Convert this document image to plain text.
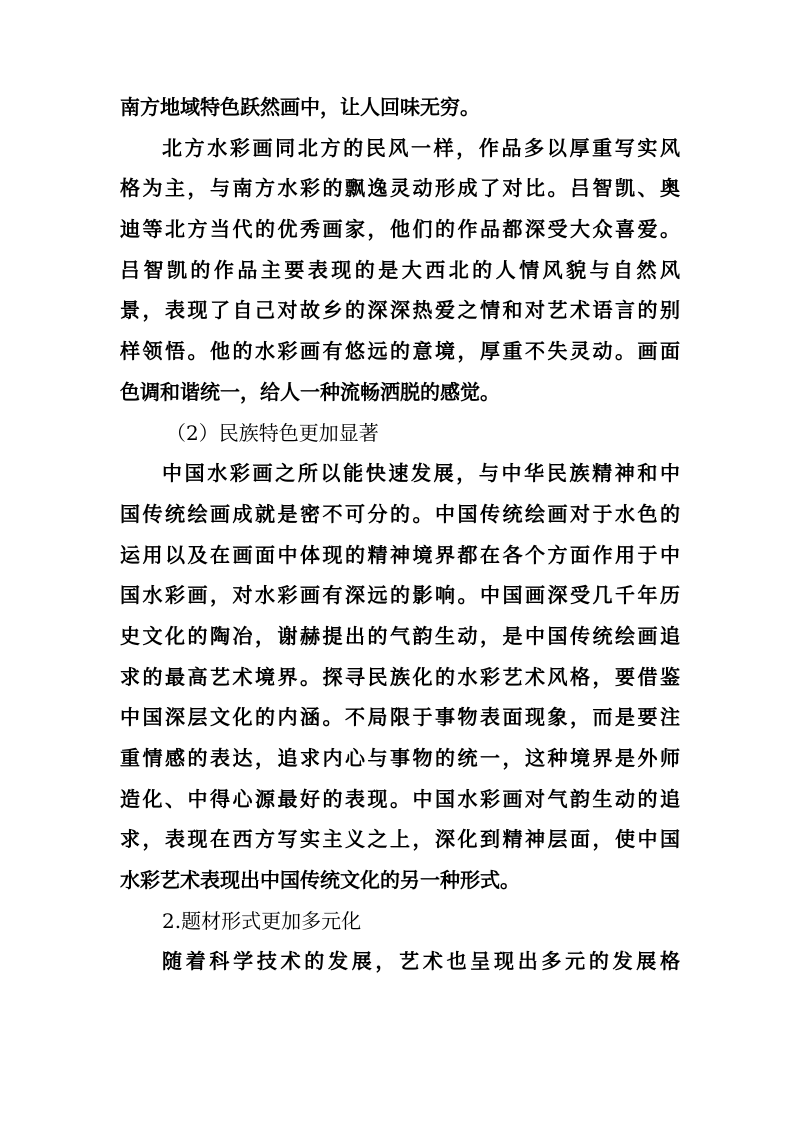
南方地域特色跃然画中，让人回味无穷。
北方水彩画同北方的民风一样，作品多以厚重写实风
格为主，与南方水彩的飘逸灵动形成了对比。吕智凯、奥
迪等北方当代的优秀画家，他们的作品都深受大众喜爱。
吕智凯的作品主要表现的是大西北的人情风貌与自然风
景，表现了自己对故乡的深深热爱之情和对艺术语言的别
样领悟。他的水彩画有悠远的意境，厚重不失灵动。画面
色调和谐统一，给人一种流畅洒脱的感觉。
（2）民族特色更加显著
中国水彩画之所以能快速发展，与中华民族精神和中
国传统绘画成就是密不可分的。中国传统绘画对于水色的
运用以及在画面中体现的精神境界都在各个方面作用于中
国水彩画，对水彩画有深远的影响。中国画深受几千年历
史文化的陶冶，谢赫提出的气韵生动，是中国传统绘画追
求的最高艺术境界。探寻民族化的水彩艺术风格，要借鉴
中国深层文化的内涵。不局限于事物表面现象，而是要注
重情感的表达，追求内心与事物的统一，这种境界是外师
造化、中得心源最好的表现。中国水彩画对气韵生动的追
求，表现在西方写实主义之上，深化到精神层面，使中国
水彩艺术表现出中国传统文化的另一种形式。
2.题材形式更加多元化
随着科学技术的发展，艺术也呈现出多元的发展格
